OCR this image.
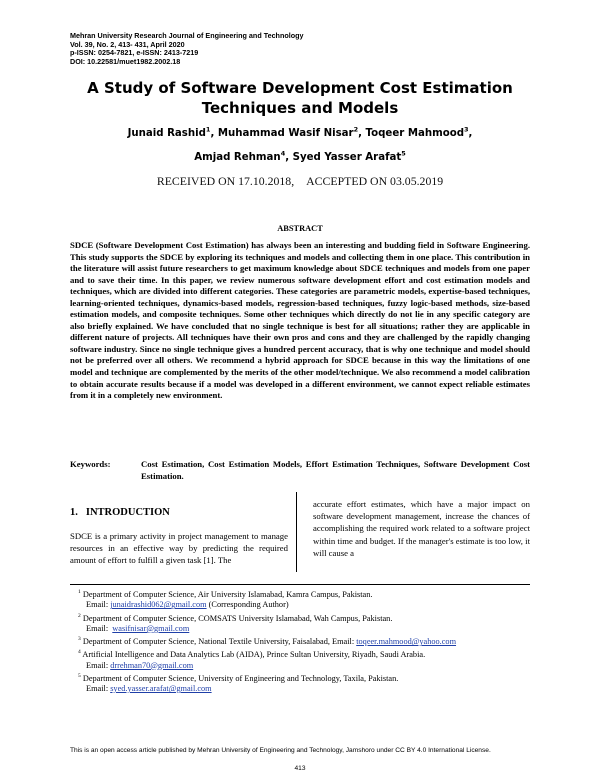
Mehran University Research Journal of Engineering and Technology
Vol. 39, No. 2, 413- 431, April 2020
p-ISSN: 0254-7821, e-ISSN: 2413-7219
DOI: 10.22581/muet1982.2002.18
A Study of Software Development Cost Estimation Techniques and Models
Junaid Rashid$^1$, Muhammad Wasif Nisar$^2$, Toqeer Mahmood$^3$,
Amjad Rehman$^4$, Syed Yasser Arafat$^5$
RECEIVED ON 17.10.2018, ACCEPTED ON 03.05.2019
ABSTRACT
SDCE (Software Development Cost Estimation) has always been an interesting and budding field in Software Engineering. This study supports the SDCE by exploring its techniques and models and collecting them in one place. This contribution in the literature will assist future researchers to get maximum knowledge about SDCE techniques and models from one paper and to save their time. In this paper, we review numerous software development effort and cost estimation models and techniques, which are divided into different categories. These categories are parametric models, expertise-based techniques, learning-oriented techniques, dynamics-based models, regression-based techniques, fuzzy logic-based methods, size-based estimation models, and composite techniques. Some other techniques which directly do not lie in any specific category are also briefly explained. We have concluded that no single technique is best for all situations; rather they are applicable in different nature of projects. All techniques have their own pros and cons and they are challenged by the rapidly changing software industry. Since no single technique gives a hundred percent accuracy, that is why one technique and model should not be preferred over all others. We recommend a hybrid approach for SDCE because in this way the limitations of one model and technique are complemented by the merits of the other model/technique. We also recommend a model calibration to obtain accurate results because if a model was developed in a different environment, we cannot expect reliable estimates from it in a completely new environment.
Keywords:	Cost Estimation, Cost Estimation Models, Effort Estimation Techniques, Software Development Cost Estimation.
1. INTRODUCTION
SDCE is a primary activity in project management to manage resources in an effective way by predicting the required amount of effort to fulfill a given task [1]. The
accurate effort estimates, which have a major impact on software development management, increase the chances of accomplishing the required work related to a software project within time and budget. If the manager's estimate is too low, it will cause a
$^1$ Department of Computer Science, Air University Islamabad, Kamra Campus, Pakistan.
Email: junaidrashid062@gmail.com (Corresponding Author)
$^2$ Department of Computer Science, COMSATS University Islamabad, Wah Campus, Pakistan.
Email: wasifnisar@gmail.com
$^3$ Department of Computer Science, National Textile University, Faisalabad, Email: toqeer.mahmood@yahoo.com
$^4$ Artificial Intelligence and Data Analytics Lab (AIDA), Prince Sultan University, Riyadh, Saudi Arabia.
Email: drrehman70@gmail.com
$^5$ Department of Computer Science, University of Engineering and Technology, Taxila, Pakistan.
Email: syed.yasser.arafat@gmail.com
This is an open access article published by Mehran University of Engineering and Technology, Jamshoro under CC BY 4.0 International License.
413
